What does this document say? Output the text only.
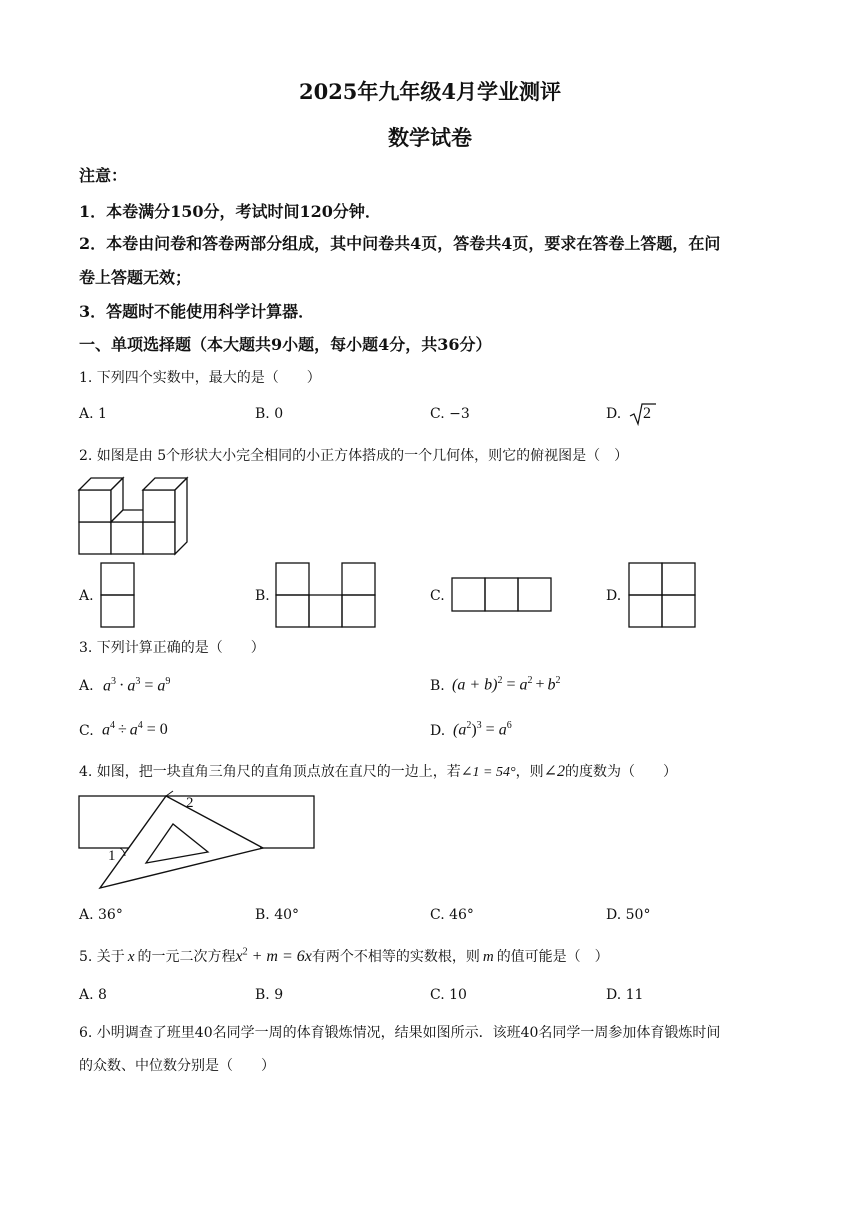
2025年九年级4月学业测评
数学试卷
注意：
1．本卷满分150分，考试时间120分钟．
2．本卷由问卷和答卷两部分组成，其中问卷共4页，答卷共4页，要求在答卷上答题，在问
卷上答题无效；
3．答题时不能使用科学计算器．
一、单项选择题（本大题共9小题，每小题4分，共36分）
1. 下列四个实数中，最大的是（　　）
A. 1	B. 0	C. −3	D. 2
2. 如图是由 5个形状大小完全相同的小正方体搭成的一个几何体，则它的俯视图是（　）
A.	B.	C.	D.
3. 下列计算正确的是（　　）
A. $a^3 \cdot a^3 = a^9$	B. $(a + b)^2 = a^2 + b^2$
C. $a^4 \div a^4 = 0$	D. $(a^2)^3 = a^6$
4. 如图，把一块直角三角尺的直角顶点放在直尺的一边上，若∠1 = 54°，则∠2的度数为（　　）
2
1
A. 36°	B. 40°	C. 46°	D. 50°
5. 关于 x 的一元二次方程$x^2 + m = 6x$有两个不相等的实数根，则 m 的值可能是（　）
A. 8	B. 9	C. 10	D. 11
6. 小明调查了班里40名同学一周的体育锻炼情况，结果如图所示．该班40名同学一周参加体育锻炼时间
的众数、中位数分别是（　　）
